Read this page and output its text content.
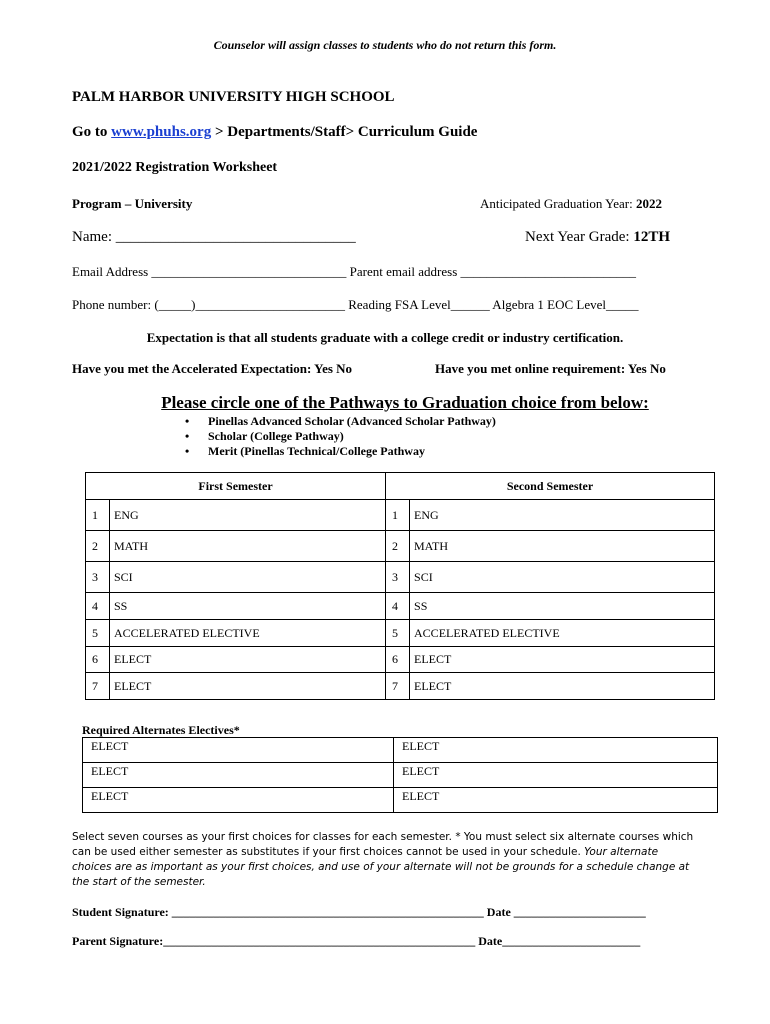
Counselor will assign classes to students who do not return this form.
PALM HARBOR UNIVERSITY HIGH SCHOOL
Go to www.phuhs.org > Departments/Staff> Curriculum Guide
2021/2022 Registration Worksheet
Program – University	Anticipated Graduation Year: 2022
Name: ________________________________	Next Year Grade: 12TH
Email Address ______________________________ Parent email address ___________________________
Phone number: (_____)_______________________ Reading FSA Level______ Algebra 1 EOC Level_____
Expectation is that all students graduate with a college credit or industry certification.
Have you met the Accelerated Expectation: Yes No	Have you met online requirement: Yes No
Please circle one of the Pathways to Graduation choice from below:
• Pinellas Advanced Scholar (Advanced Scholar Pathway)
• Scholar (College Pathway)
• Merit (Pinellas Technical/College Pathway
First Semester		Second Semester	
1	ENG	1	ENG
2	MATH	2	MATH
3	SCI	3	SCI
4	SS	4	SS
5	ACCELERATED ELECTIVE	5	ACCELERATED ELECTIVE
6	ELECT	6	ELECT
7	ELECT	7	ELECT
Required Alternates Electives*
ELECT	ELECT
ELECT	ELECT
ELECT	ELECT
Select seven courses as your first choices for classes for each semester. * You must select six alternate courses which can be used either semester as substitutes if your first choices cannot be used in your schedule. Your alternate choices are as important as your first choices, and use of your alternate will not be grounds for a schedule change at the start of the semester.
Student Signature: ____________________________________________________ Date ______________________
Parent Signature:____________________________________________________ Date_______________________
